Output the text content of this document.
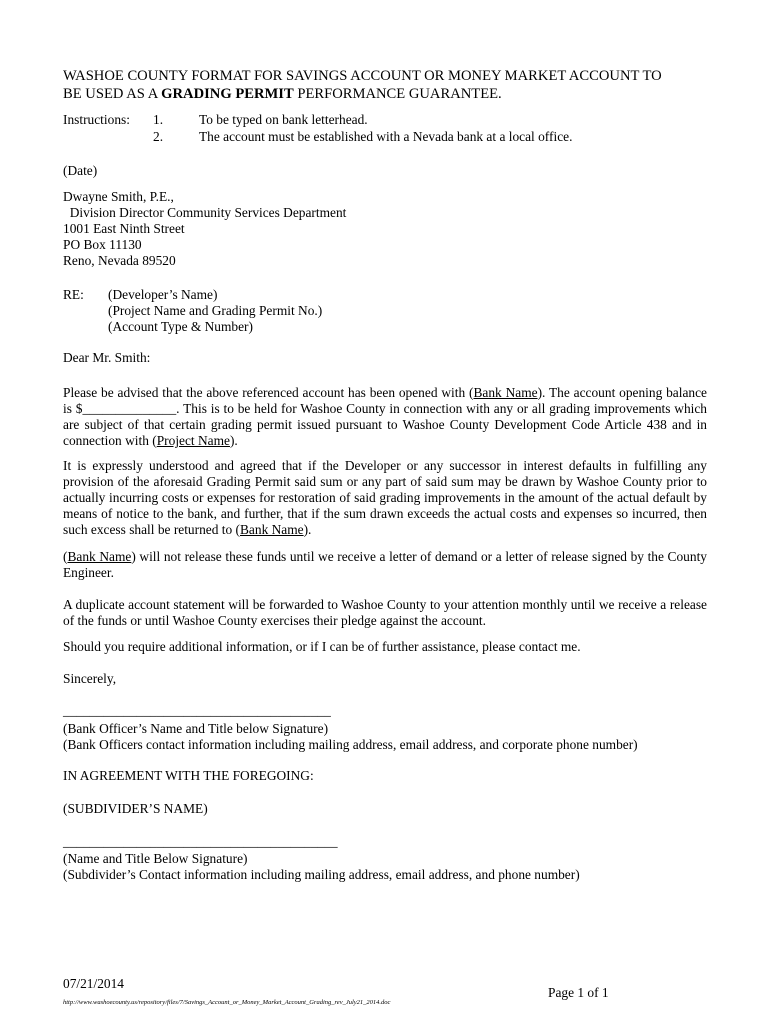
WASHOE COUNTY FORMAT FOR SAVINGS ACCOUNT OR MONEY MARKET ACCOUNT TO
BE USED AS A GRADING PERMIT PERFORMANCE GUARANTEE.
Instructions: 1.	To be typed on bank letterhead.
2.	The account must be established with a Nevada bank at a local office.
(Date)
Dwayne Smith, P.E.,
Division Director Community Services Department
1001 East Ninth Street
PO Box 11130
Reno, Nevada 89520
RE: (Developer’s Name)
(Project Name and Grading Permit No.)
(Account Type & Number)
Dear Mr. Smith:
Please be advised that the above referenced account has been opened with (Bank Name). The account opening balance is $______________. This is to be held for Washoe County in connection with any or all grading improvements which are subject of that certain grading permit issued pursuant to Washoe County Development Code Article 438 and in connection with (Project Name).
It is expressly understood and agreed that if the Developer or any successor in interest defaults in fulfilling any provision of the aforesaid Grading Permit said sum or any part of said sum may be drawn by Washoe County prior to actually incurring costs or expenses for restoration of said grading improvements in the amount of the actual default by means of notice to the bank, and further, that if the sum drawn exceeds the actual costs and expenses so incurred, then such excess shall be returned to (Bank Name).
(Bank Name) will not release these funds until we receive a letter of demand or a letter of release signed by the County Engineer.
A duplicate account statement will be forwarded to Washoe County to your attention monthly until we receive a release of the funds or until Washoe County exercises their pledge against the account.
Should you require additional information, or if I can be of further assistance, please contact me.
Sincerely,
________________________________________
(Bank Officer’s Name and Title below Signature)
(Bank Officers contact information including mailing address, email address, and corporate phone number)
IN AGREEMENT WITH THE FOREGOING:
(SUBDIVIDER’S NAME)
_________________________________________
(Name and Title Below Signature)
(Subdivider’s Contact information including mailing address, email address, and phone number)
07/21/2014
Page 1 of 1
http://www.washoecounty.us/repository/files/7/Savings_Account_or_Money_Market_Account_Grading_rev_July21_2014.doc
